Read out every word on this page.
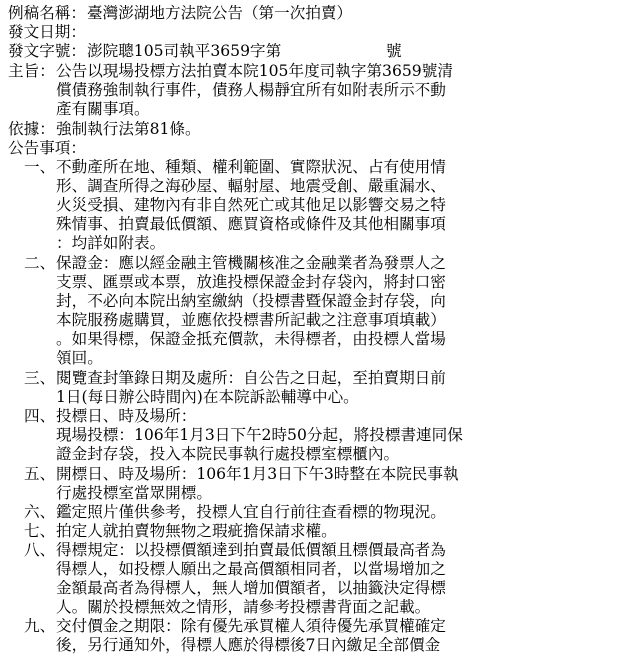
例稿名稱： 臺灣澎湖地方法院公告（第一次拍賣）
發文日期：
發文字號： 澎院聰105司執平3659字第	號
主旨： 公告以現場投標方法拍賣本院105年度司執字第3659號清
償債務強制執行事件，債務人楊靜宜所有如附表所示不動
產有關事項。
依據： 強制執行法第81條。
公告事項：
一、 不動產所在地、種類、權利範圍、實際狀況、占有使用情
形、調查所得之海砂屋、輻射屋、地震受創、嚴重漏水、
火災受損、建物內有非自然死亡或其他足以影響交易之特
殊情事、拍賣最低價額、應買資格或條件及其他相關事項
：均詳如附表。
二、 保證金：應以經金融主管機關核准之金融業者為發票人之
支票、匯票或本票，放進投標保證金封存袋內，將封口密
封，不必向本院出納室繳納（投標書暨保證金封存袋，向
本院服務處購買，並應依投標書所記載之注意事項填載）
。如果得標，保證金抵充價款，未得標者，由投標人當場
領回。
三、 閱覽查封筆錄日期及處所：自公告之日起，至拍賣期日前
1日(每日辦公時間內)在本院訴訟輔導中心。
四、 投標日、時及場所：
現場投標：106年1月3日下午2時50分起，將投標書連同保
證金封存袋，投入本院民事執行處投標室標櫃內。
五、 開標日、時及場所：106年1月3日下午3時整在本院民事執
行處投標室當眾開標。
六、 鑑定照片僅供參考，投標人宜自行前往查看標的物現況。
七、 拍定人就拍賣物無物之瑕疵擔保請求權。
八、 得標規定：以投標價額達到拍賣最低價額且標價最高者為
得標人，如投標人願出之最高價額相同者，以當場增加之
金額最高者為得標人，無人增加價額者，以抽籤決定得標
人。關於投標無效之情形，請參考投標書背面之記載。
九、 交付價金之期限：除有優先承買權人須待優先承買權確定
後，另行通知外，得標人應於得標後7日內繳足全部價金
